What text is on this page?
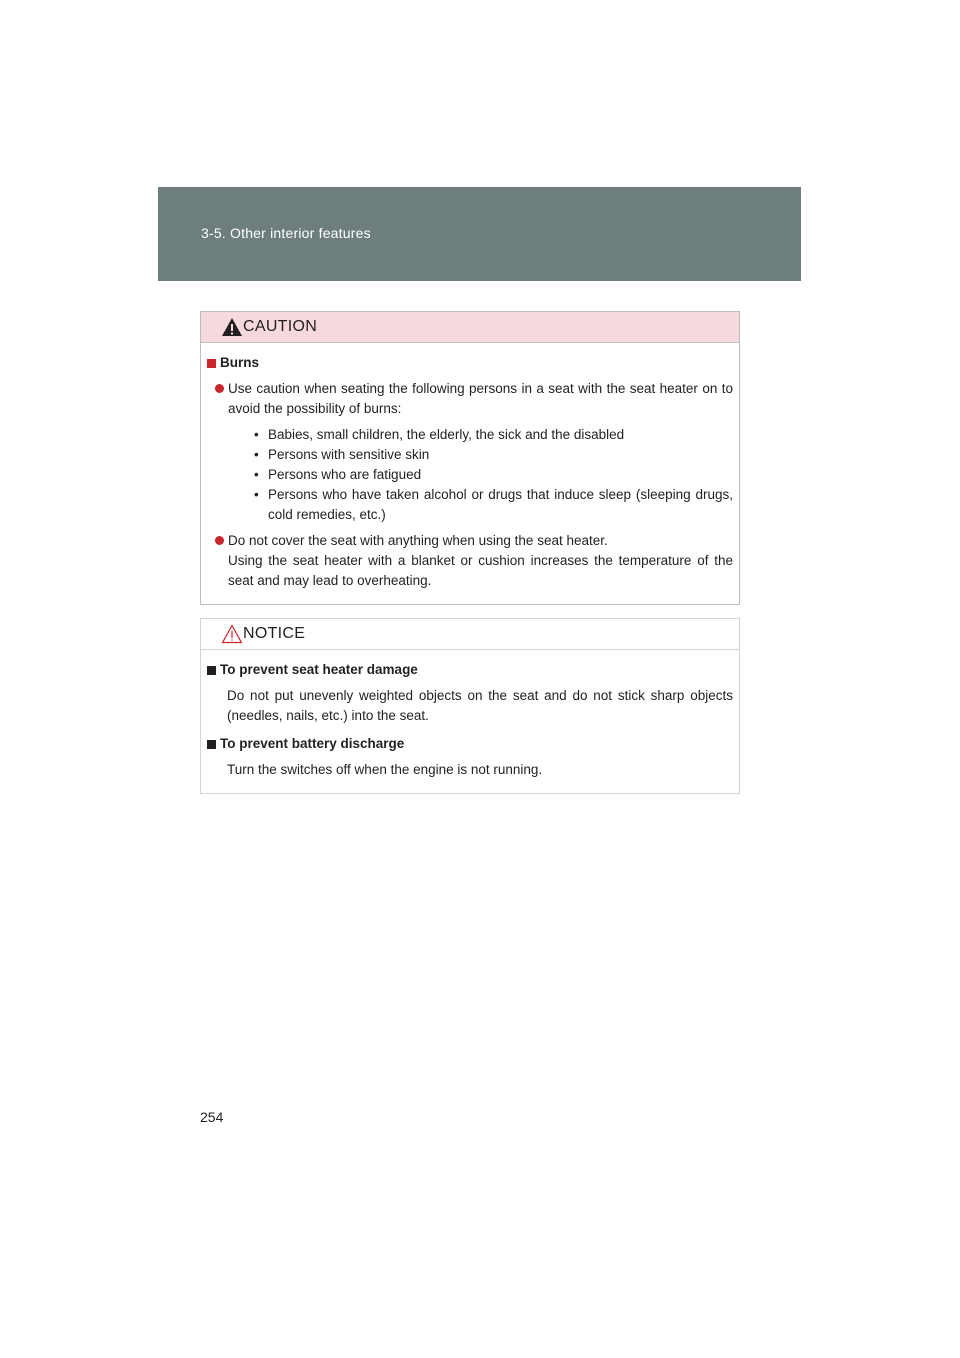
3-5. Other interior features
CAUTION
Burns
Use caution when seating the following persons in a seat with the seat heater on to avoid the possibility of burns:
• Babies, small children, the elderly, the sick and the disabled
• Persons with sensitive skin
• Persons who are fatigued
• Persons who have taken alcohol or drugs that induce sleep (sleeping drugs, cold remedies, etc.)
Do not cover the seat with anything when using the seat heater.
Using the seat heater with a blanket or cushion increases the temperature of the seat and may lead to overheating.
NOTICE
To prevent seat heater damage
Do not put unevenly weighted objects on the seat and do not stick sharp objects (needles, nails, etc.) into the seat.
To prevent battery discharge
Turn the switches off when the engine is not running.
254
